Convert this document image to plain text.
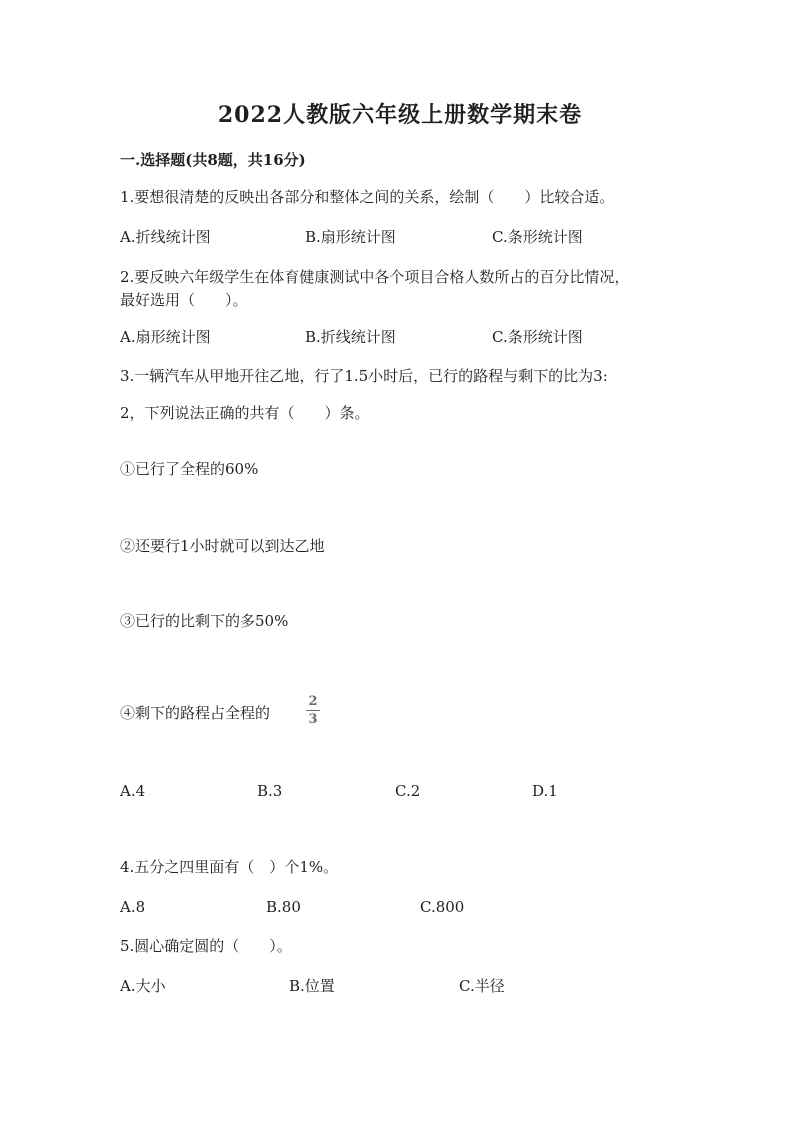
2022人教版六年级上册数学期末卷
一.选择题(共8题，共16分)
1.要想很清楚的反映出各部分和整体之间的关系，绘制（　　）比较合适。
A.折线统计图	B.扇形统计图	C.条形统计图
2.要反映六年级学生在体育健康测试中各个项目合格人数所占的百分比情况，
最好选用（　　）。
A.扇形统计图	B.折线统计图	C.条形统计图
3.一辆汽车从甲地开往乙地，行了1.5小时后，已行的路程与剩下的比为3:
2，下列说法正确的共有（　　）条。
①已行了全程的60%
②还要行1小时就可以到达乙地
③已行的比剩下的多50%
④剩下的路程占全程的
2
3
A.4	B.3	C.2	D.1
4.五分之四里面有（　）个1%。
A.8	B.80	C.800
5.圆心确定圆的（　　）。
A.大小	B.位置	C.半径
